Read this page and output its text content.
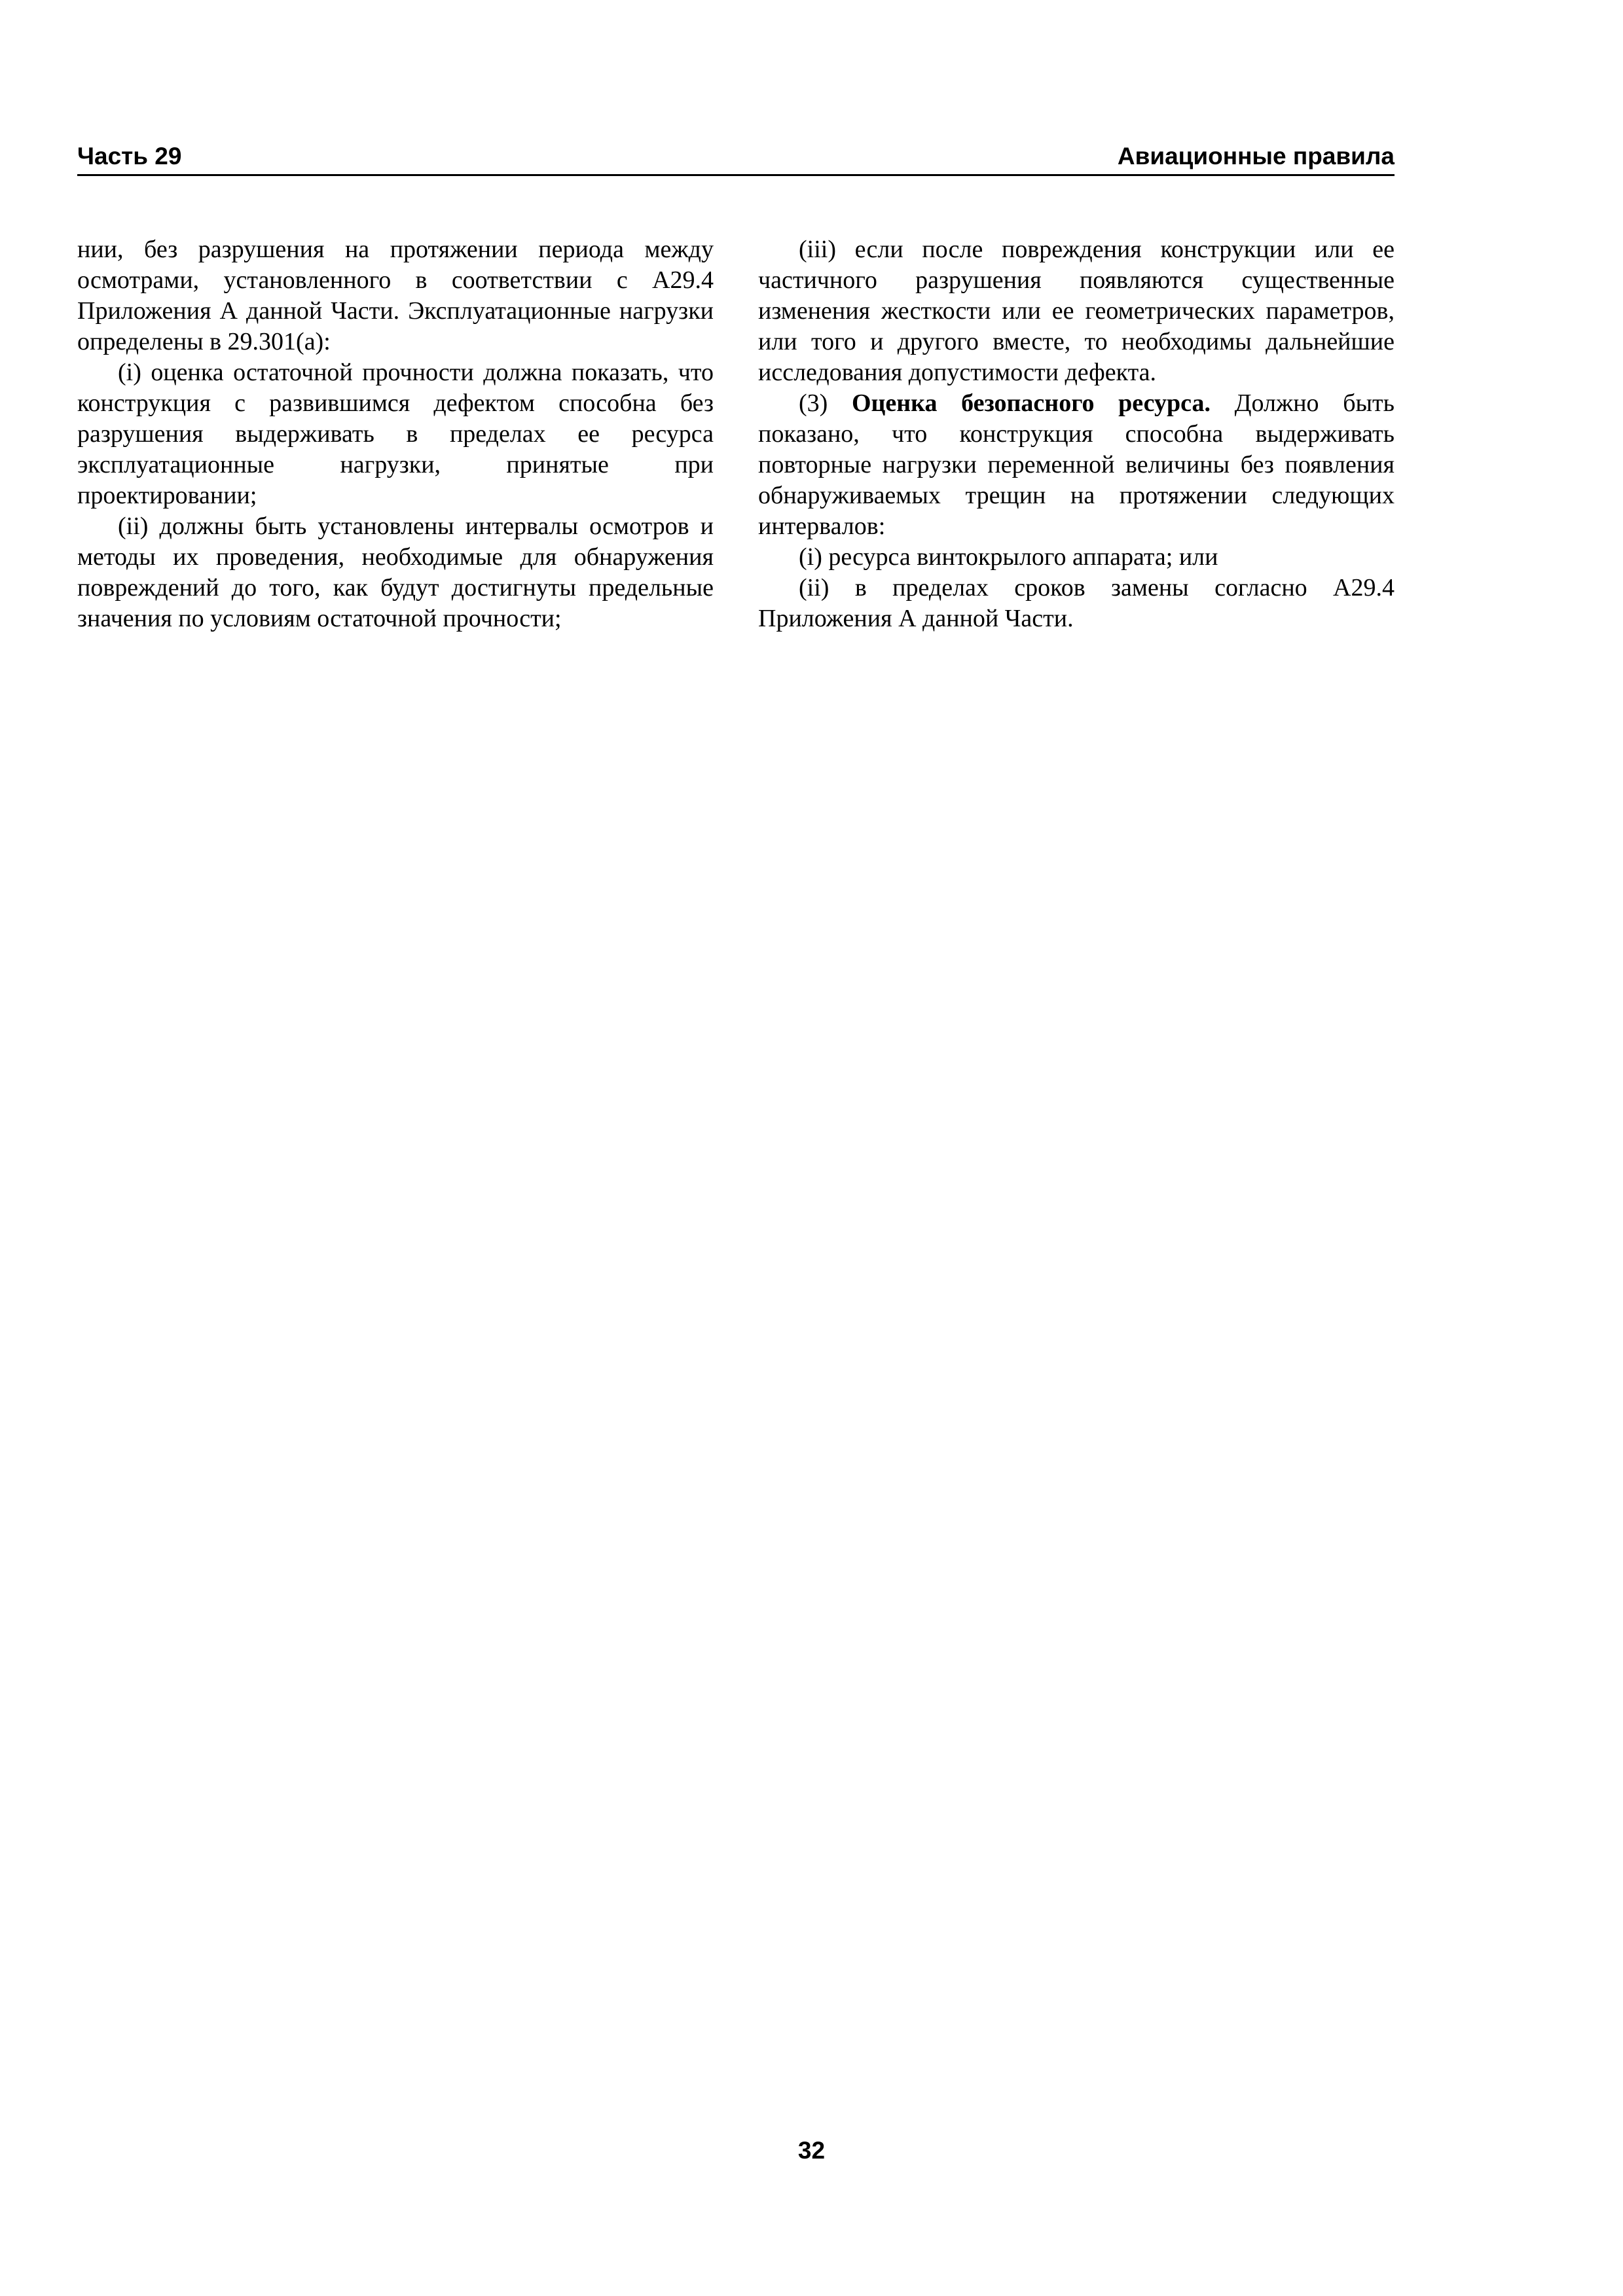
Часть 29	Авиационные правила

нии, без разрушения на протяжении периода между осмотрами, установленного в соответствии с А29.4 Приложения А данной Части. Эксплуатационные нагрузки определены в 29.301(а):

(i) оценка остаточной прочности должна показать, что конструкция с развившимся дефектом способна без разрушения выдерживать в пределах ее ресурса эксплуатационные нагрузки, принятые при проектировании;

(ii) должны быть установлены интервалы осмотров и методы их проведения, необходимые для обнаружения повреждений до того, как будут достигнуты предельные значения по условиям остаточной прочности;

(iii) если после повреждения конструкции или ее частичного разрушения появляются существенные изменения жесткости или ее геометрических параметров, или того и другого вместе, то необходимы дальнейшие исследования допустимости дефекта.

(3) Оценка безопасного ресурса. Должно быть показано, что конструкция способна выдерживать повторные нагрузки переменной величины без появления обнаруживаемых трещин на протяжении следующих интервалов:

(i) ресурса винтокрылого аппарата; или

(ii) в пределах сроков замены согласно А29.4 Приложения А данной Части.

32
